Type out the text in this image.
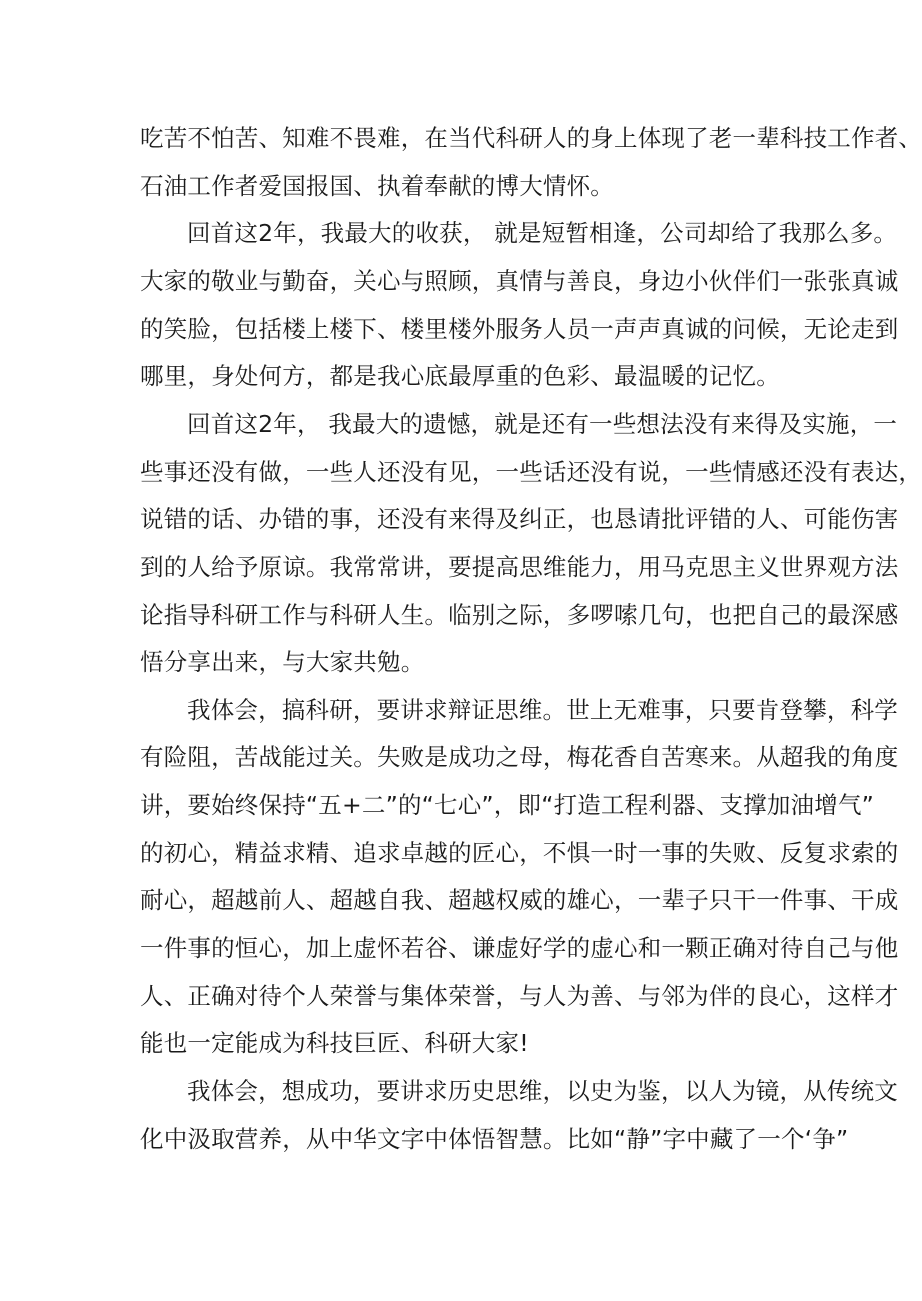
吃苦不怕苦、知难不畏难，在当代科研人的身上体现了老一辈科技工作者、
石油工作者爱国报国、执着奉献的博大情怀。
回首这2年，我最大的收获， 就是短暂相逢，公司却给了我那么多。
大家的敬业与勤奋，关心与照顾，真情与善良，身边小伙伴们一张张真诚
的笑脸，包括楼上楼下、楼里楼外服务人员一声声真诚的问候，无论走到
哪里，身处何方，都是我心底最厚重的色彩、最温暖的记忆。
回首这2年， 我最大的遗憾，就是还有一些想法没有来得及实施，一
些事还没有做，一些人还没有见，一些话还没有说，一些情感还没有表达，
说错的话、办错的事，还没有来得及纠正，也恳请批评错的人、可能伤害
到的人给予原谅。我常常讲，要提高思维能力，用马克思主义世界观方法
论指导科研工作与科研人生。临别之际，多啰嗦几句，也把自己的最深感
悟分享出来，与大家共勉。
我体会，搞科研，要讲求辩证思维。世上无难事，只要肯登攀，科学
有险阻，苦战能过关。失败是成功之母，梅花香自苦寒来。从超我的角度
讲，要始终保持“五+二”的“七心”，即“打造工程利器、支撑加油增气”
的初心，精益求精、追求卓越的匠心，不惧一时一事的失败、反复求索的
耐心，超越前人、超越自我、超越权威的雄心，一辈子只干一件事、干成
一件事的恒心，加上虚怀若谷、谦虚好学的虚心和一颗正确对待自己与他
人、正确对待个人荣誉与集体荣誉，与人为善、与邻为伴的良心，这样才
能也一定能成为科技巨匠、科研大家!
我体会，想成功，要讲求历史思维，以史为鉴，以人为镜，从传统文
化中汲取营养，从中华文字中体悟智慧。比如“静”字中藏了一个‘争”
